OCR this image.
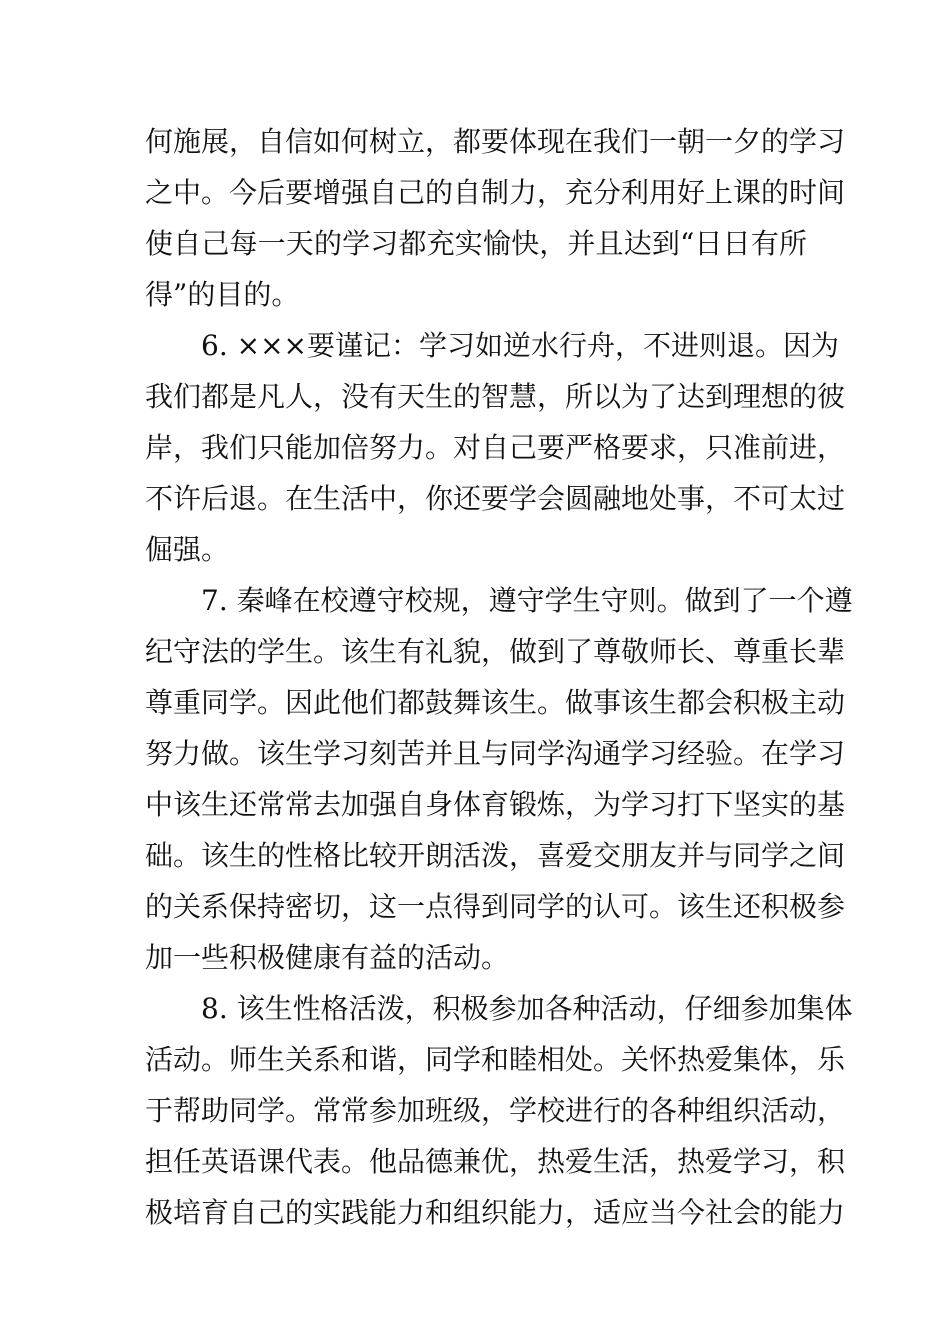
何施展，自信如何树立，都要体现在我们一朝一夕的学习
之中。今后要增强自己的自制力，充分利用好上课的时间
使自己每一天的学习都充实愉快，并且达到“日日有所
得”的目的。
6. ×××要谨记：学习如逆水行舟，不进则退。因为
我们都是凡人，没有天生的智慧，所以为了达到理想的彼
岸，我们只能加倍努力。对自己要严格要求，只准前进，
不许后退。在生活中，你还要学会圆融地处事，不可太过
倔强。
7. 秦峰在校遵守校规，遵守学生守则。做到了一个遵
纪守法的学生。该生有礼貌，做到了尊敬师长、尊重长辈
尊重同学。因此他们都鼓舞该生。做事该生都会积极主动
努力做。该生学习刻苦并且与同学沟通学习经验。在学习
中该生还常常去加强自身体育锻炼，为学习打下坚实的基
础。该生的性格比较开朗活泼，喜爱交朋友并与同学之间
的关系保持密切，这一点得到同学的认可。该生还积极参
加一些积极健康有益的活动。
8. 该生性格活泼，积极参加各种活动，仔细参加集体
活动。师生关系和谐，同学和睦相处。关怀热爱集体，乐
于帮助同学。常常参加班级，学校进行的各种组织活动，
担任英语课代表。他品德兼优，热爱生活，热爱学习，积
极培育自己的实践能力和组织能力，适应当今社会的能力
